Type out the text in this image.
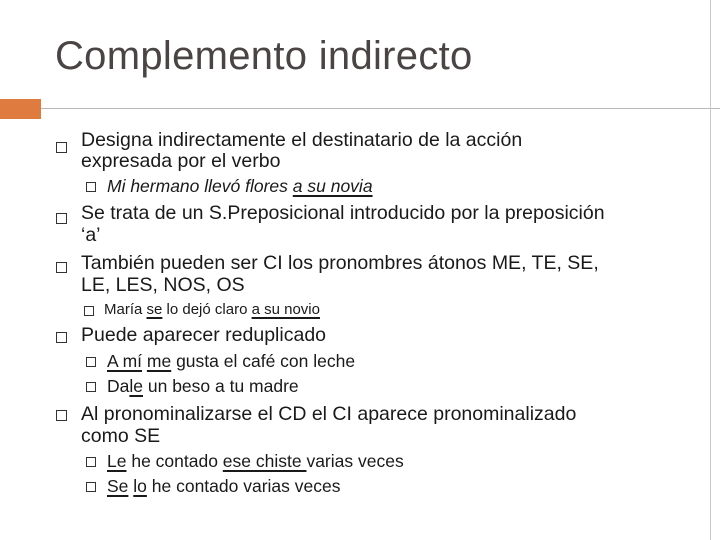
Complemento indirecto
Designa indirectamente el destinatario de la acción
expresada por el verbo
Mi hermano llevó flores a su novia
Se trata de un S.Preposicional introducido por la preposición
‘a’
También pueden ser CI los pronombres átonos ME, TE, SE,
LE, LES, NOS, OS
María se lo dejó claro a su novio
Puede aparecer reduplicado
A mí me gusta el café con leche
Dale un beso a tu madre
Al pronominalizarse el CD el CI aparece pronominalizado
como SE
Le he contado ese chiste varias veces
Se lo he contado varias veces
